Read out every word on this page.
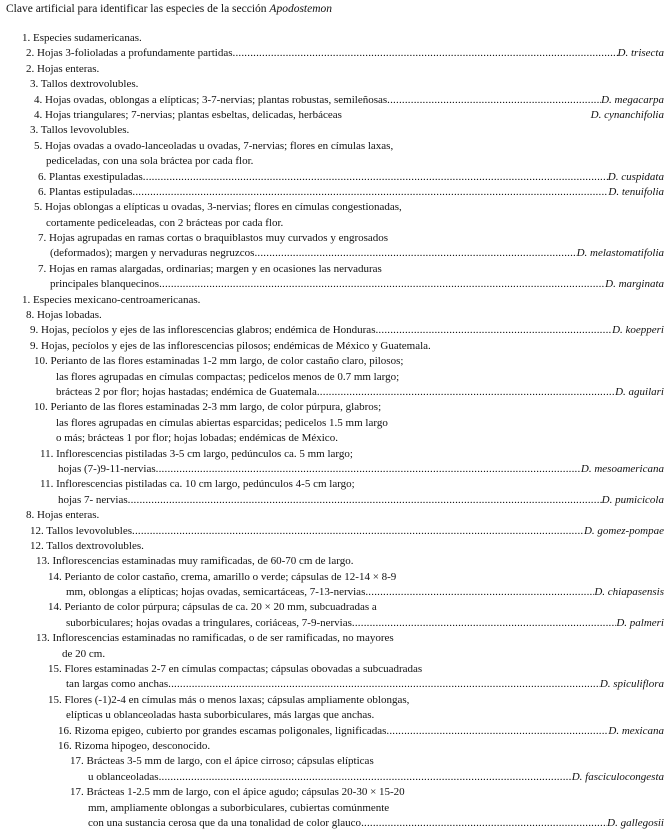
Clave artificial para identificar las especies de la sección Apodostemon
1. Especies sudamericanas.
2. Hojas 3-folioladas a profundamente partidas .....	D. trisecta
2. Hojas enteras.
3. Tallos dextrovolubles.
4. Hojas ovadas, oblongas a elípticas; 3-7-nervias; plantas robustas, semileñosas .....	D. megacarpa
4. Hojas triangulares; 7-nervias; plantas esbeltas, delicadas, herbáceas	D. cynanchifolia
3. Tallos levovolubles.
5. Hojas ovadas a ovado-lanceoladas u ovadas, 7-nervias; flores en címulas laxas,
pediceladas, con una sola bráctea por cada flor.
6. Plantas exestipuladas .....	D. cuspidata
6. Plantas estipuladas .....	D. tenuifolia
5. Hojas oblongas a elípticas u ovadas, 3-nervias; flores en címulas congestionadas,
cortamente pediceleadas, con 2 brácteas por cada flor.
7. Hojas agrupadas en ramas cortas o braquiblastos muy curvados y engrosados
(deformados); margen y nervaduras negruzcos .....	D. melastomatifolia
7. Hojas en ramas alargadas, ordinarias; margen y en ocasiones las nervaduras
principales blanquecinos .....	D. marginata
1. Especies mexicano-centroamericanas.
8. Hojas lobadas.
9. Hojas, pecíolos y ejes de las inflorescencias glabros; endémica de Honduras .....	D. koepperi
9. Hojas, pecíolos y ejes de las inflorescencias pilosos; endémicas de México y Guatemala.
10. Perianto de las flores estaminadas 1-2 mm largo, de color castaño claro, pilosos;
las flores agrupadas en címulas compactas; pedicelos menos de 0.7 mm largo;
brácteas 2 por flor; hojas hastadas; endémica de Guatemala .....	D. aguilari
10. Perianto de las flores estaminadas 2-3 mm largo, de color púrpura, glabros;
las flores agrupadas en címulas abiertas esparcidas; pedicelos 1.5 mm largo
o más; brácteas 1 por flor; hojas lobadas; endémicas de México.
11. Inflorescencias pistiladas 3-5 cm largo, pedúnculos ca. 5 mm largo;
hojas (7-)9-11-nervias .....	D. mesoamericana
11. Inflorescencias pistiladas ca. 10 cm largo, pedúnculos 4-5 cm largo;
hojas 7- nervias .....	D. pumicicola
8. Hojas enteras.
12. Tallos levovolubles .....	D. gomez-pompae
12. Tallos dextrovolubles.
13. Inflorescencias estaminadas muy ramificadas, de 60-70 cm de largo.
14. Perianto de color castaño, crema, amarillo o verde; cápsulas de 12-14 × 8-9
mm, oblongas a elípticas; hojas ovadas, semicartáceas, 7-13-nervias .....	D. chiapasensis
14. Perianto de color púrpura; cápsulas de ca. 20 × 20 mm, subcuadradas a
suborbiculares; hojas ovadas a tringulares, coriáceas, 7-9-nervias .....	D. palmeri
13. Inflorescencias estaminadas no ramificadas, o de ser ramificadas, no mayores
de 20 cm.
15. Flores estaminadas 2-7 en címulas compactas; cápsulas obovadas a subcuadradas
tan largas como anchas .....	D. spiculiflora
15. Flores (-1)2-4 en címulas más o menos laxas; cápsulas ampliamente oblongas,
elípticas u oblanceoladas hasta suborbiculares, más largas que anchas.
16. Rizoma epigeo, cubierto por grandes escamas poligonales, lignificadas .....	D. mexicana
16. Rizoma hipogeo, desconocido.
17. Brácteas 3-5 mm de largo, con el ápice cirroso; cápsulas elípticas
u oblanceoladas .....	D. fasciculocongesta
17. Brácteas 1-2.5 mm de largo, con el ápice agudo; cápsulas 20-30 × 15-20
mm, ampliamente oblongas a suborbiculares, cubiertas comúnmente
con una sustancia cerosa que da una tonalidad de color glauco .....	D. gallegosii
